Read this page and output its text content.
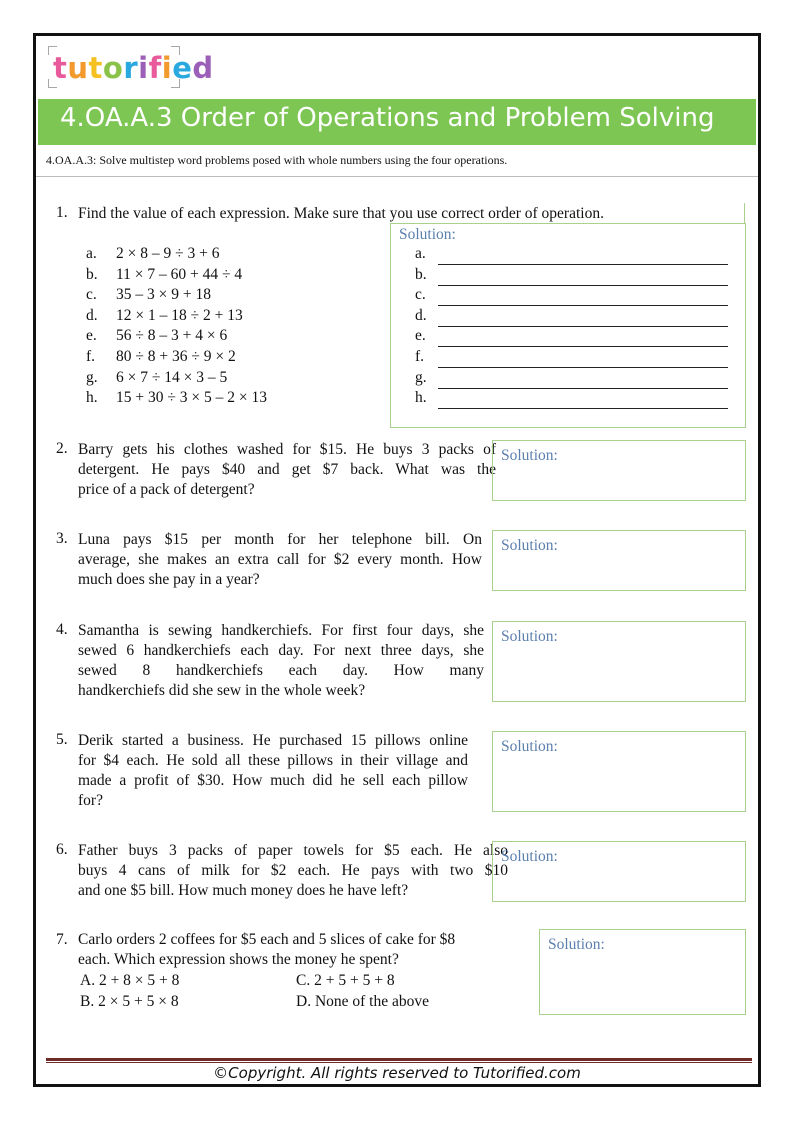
tutorified
4.OA.A.3 Order of Operations and Problem Solving
4.OA.A.3: Solve multistep word problems posed with whole numbers using the four operations.
1. Find the value of each expression. Make sure that you use correct order of operation.
Solution:
a. 2 × 8 – 9 ÷ 3 + 6
b. 11 × 7 – 60 + 44 ÷ 4
c. 35 – 3 × 9 + 18
d. 12 × 1 – 18 ÷ 2 + 13
e. 56 ÷ 8 – 3 + 4 × 6
f. 80 ÷ 8 + 36 ÷ 9 × 2
g. 6 × 7 ÷ 14 × 3 – 5
h. 15 + 30 ÷ 3 × 5 – 2 × 13
a.
b.
c.
d.
e.
f.
g.
h.
2. Barry gets his clothes washed for $15. He buys 3 packs of
detergent. He pays $40 and get $7 back. What was the
price of a pack of detergent?
Solution:
3. Luna pays $15 per month for her telephone bill. On
average, she makes an extra call for $2 every month. How
much does she pay in a year?
Solution:
4. Samantha is sewing handkerchiefs. For first four days, she
sewed 6 handkerchiefs each day. For next three days, she
sewed 8 handkerchiefs each day. How many
handkerchiefs did she sew in the whole week?
Solution:
5. Derik started a business. He purchased 15 pillows online
for $4 each. He sold all these pillows in their village and
made a profit of $30. How much did he sell each pillow
for?
Solution:
6. Father buys 3 packs of paper towels for $5 each. He also
buys 4 cans of milk for $2 each. He pays with two $10
and one $5 bill. How much money does he have left?
Solution:
7. Carlo orders 2 coffees for $5 each and 5 slices of cake for $8
each. Which expression shows the money he spent?
A. 2 + 8 × 5 + 8	C. 2 + 5 + 5 + 8
B. 2 × 5 + 5 × 8	D. None of the above
Solution:
©Copyright. All rights reserved to Tutorified.com
